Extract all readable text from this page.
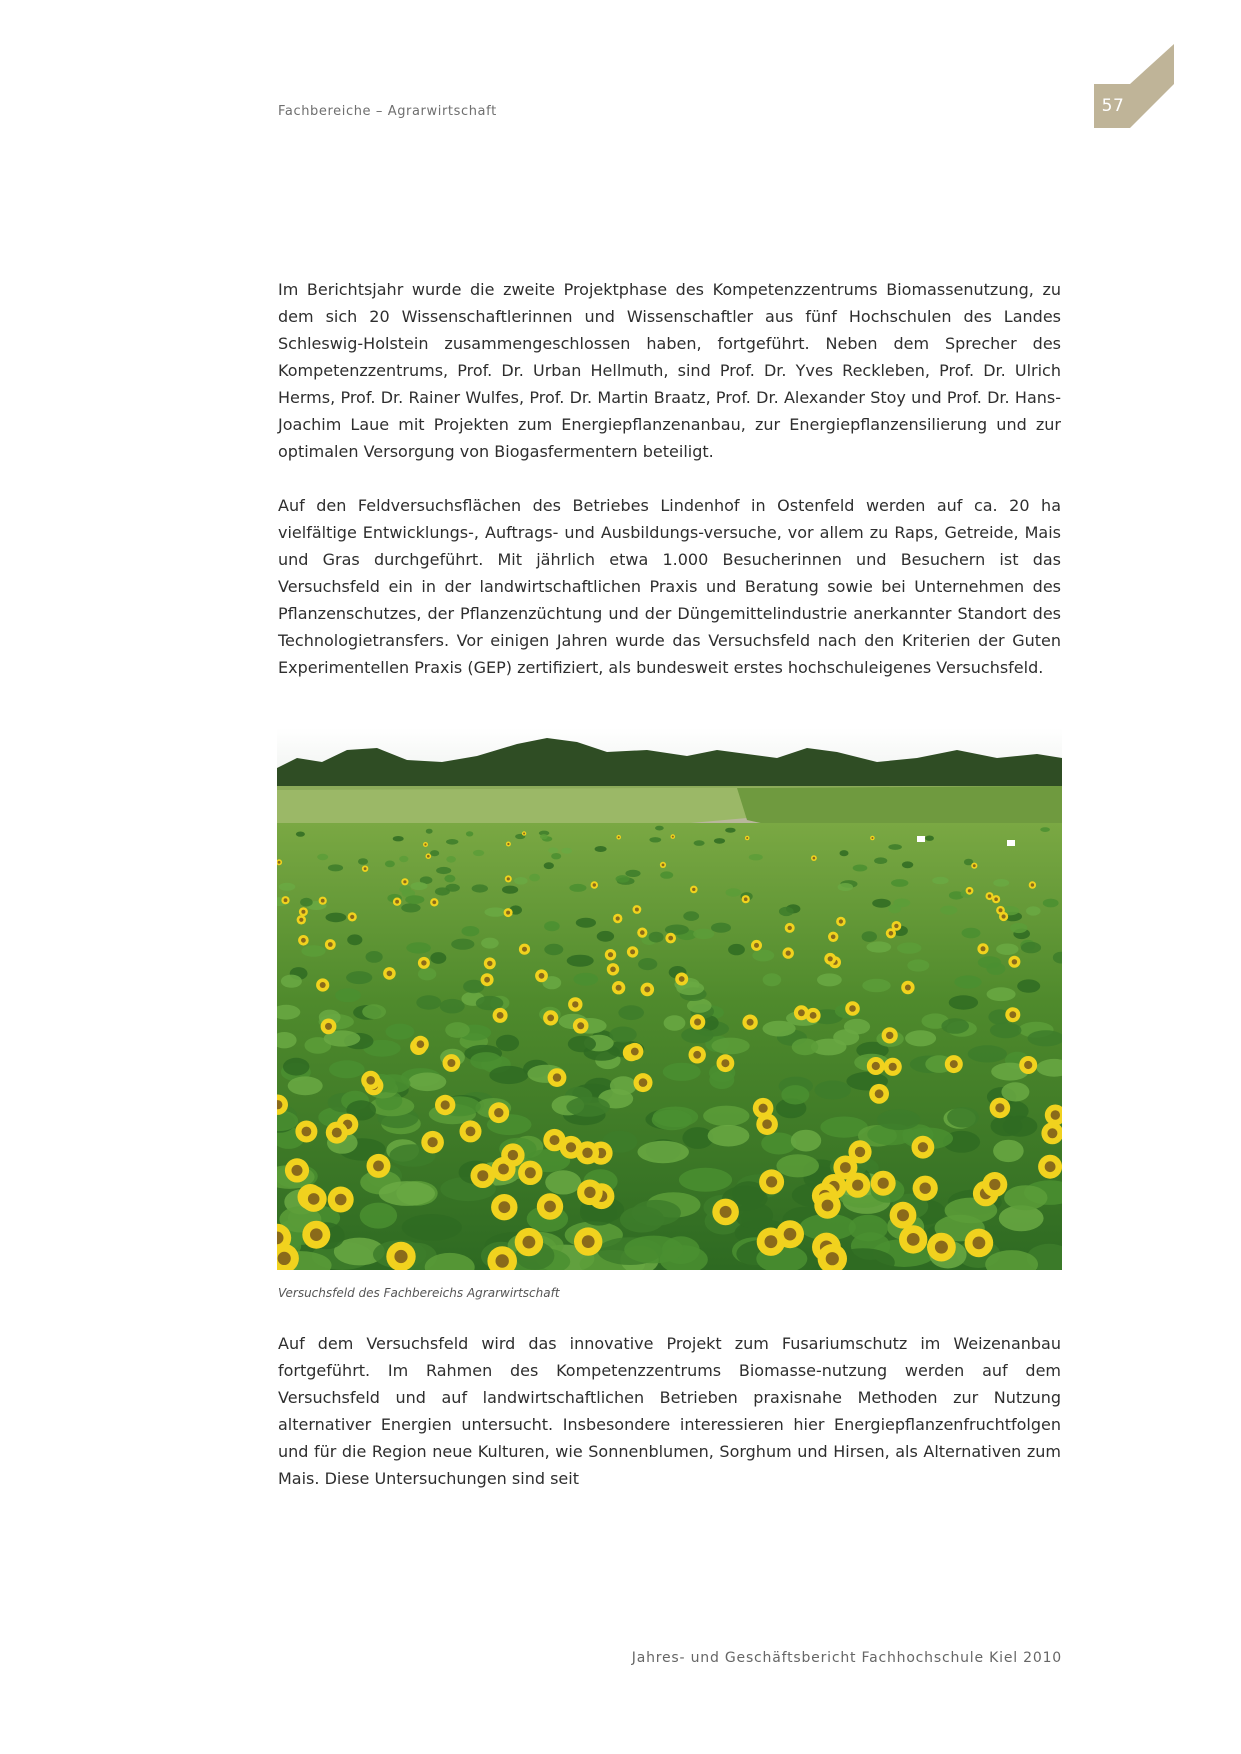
Fachbereiche – Agrarwirtschaft	57

Im Berichtsjahr wurde die zweite Projektphase des Kompetenzzentrums Biomassenutzung, zu dem sich 20 Wissenschaftlerinnen und Wissenschaftler aus fünf Hochschulen des Landes Schleswig-Holstein zusammengeschlossen haben, fortgeführt. Neben dem Sprecher des Kompetenzzentrums, Prof. Dr. Urban Hellmuth, sind Prof. Dr. Yves Reckleben, Prof. Dr. Ulrich Herms, Prof. Dr. Rainer Wulfes, Prof. Dr. Martin Braatz, Prof. Dr. Alexander Stoy und Prof. Dr. Hans-Joachim Laue mit Projekten zum Energiepflanzenanbau, zur Energiepflanzensilierung und zur optimalen Versorgung von Biogasfermentern beteiligt.

Auf den Feldversuchsflächen des Betriebes Lindenhof in Ostenfeld werden auf ca. 20 ha vielfältige Entwicklungs-, Auftrags- und Ausbildungs-versuche, vor allem zu Raps, Getreide, Mais und Gras durchgeführt. Mit jährlich etwa 1.000 Besucherinnen und Besuchern ist das Versuchsfeld ein in der landwirtschaftlichen Praxis und Beratung sowie bei Unternehmen des Pflanzenschutzes, der Pflanzenzüchtung und der Düngemittelindustrie anerkannter Standort des Technologietransfers. Vor einigen Jahren wurde das Versuchsfeld nach den Kriterien der Guten Experimentellen Praxis (GEP) zertifiziert, als bundesweit erstes hochschuleigenes Versuchsfeld.

Versuchsfeld des Fachbereichs Agrarwirtschaft

Auf dem Versuchsfeld wird das innovative Projekt zum Fusariumschutz im Weizenanbau fortgeführt. Im Rahmen des Kompetenzzentrums Biomasse-nutzung werden auf dem Versuchsfeld und auf landwirtschaftlichen Betrieben praxisnahe Methoden zur Nutzung alternativer Energien untersucht. Insbesondere interessieren hier Energiepflanzenfruchtfolgen und für die Region neue Kulturen, wie Sonnenblumen, Sorghum und Hirsen, als Alternativen zum Mais. Diese Untersuchungen sind seit

Jahres- und Geschäftsbericht Fachhochschule Kiel 2010
